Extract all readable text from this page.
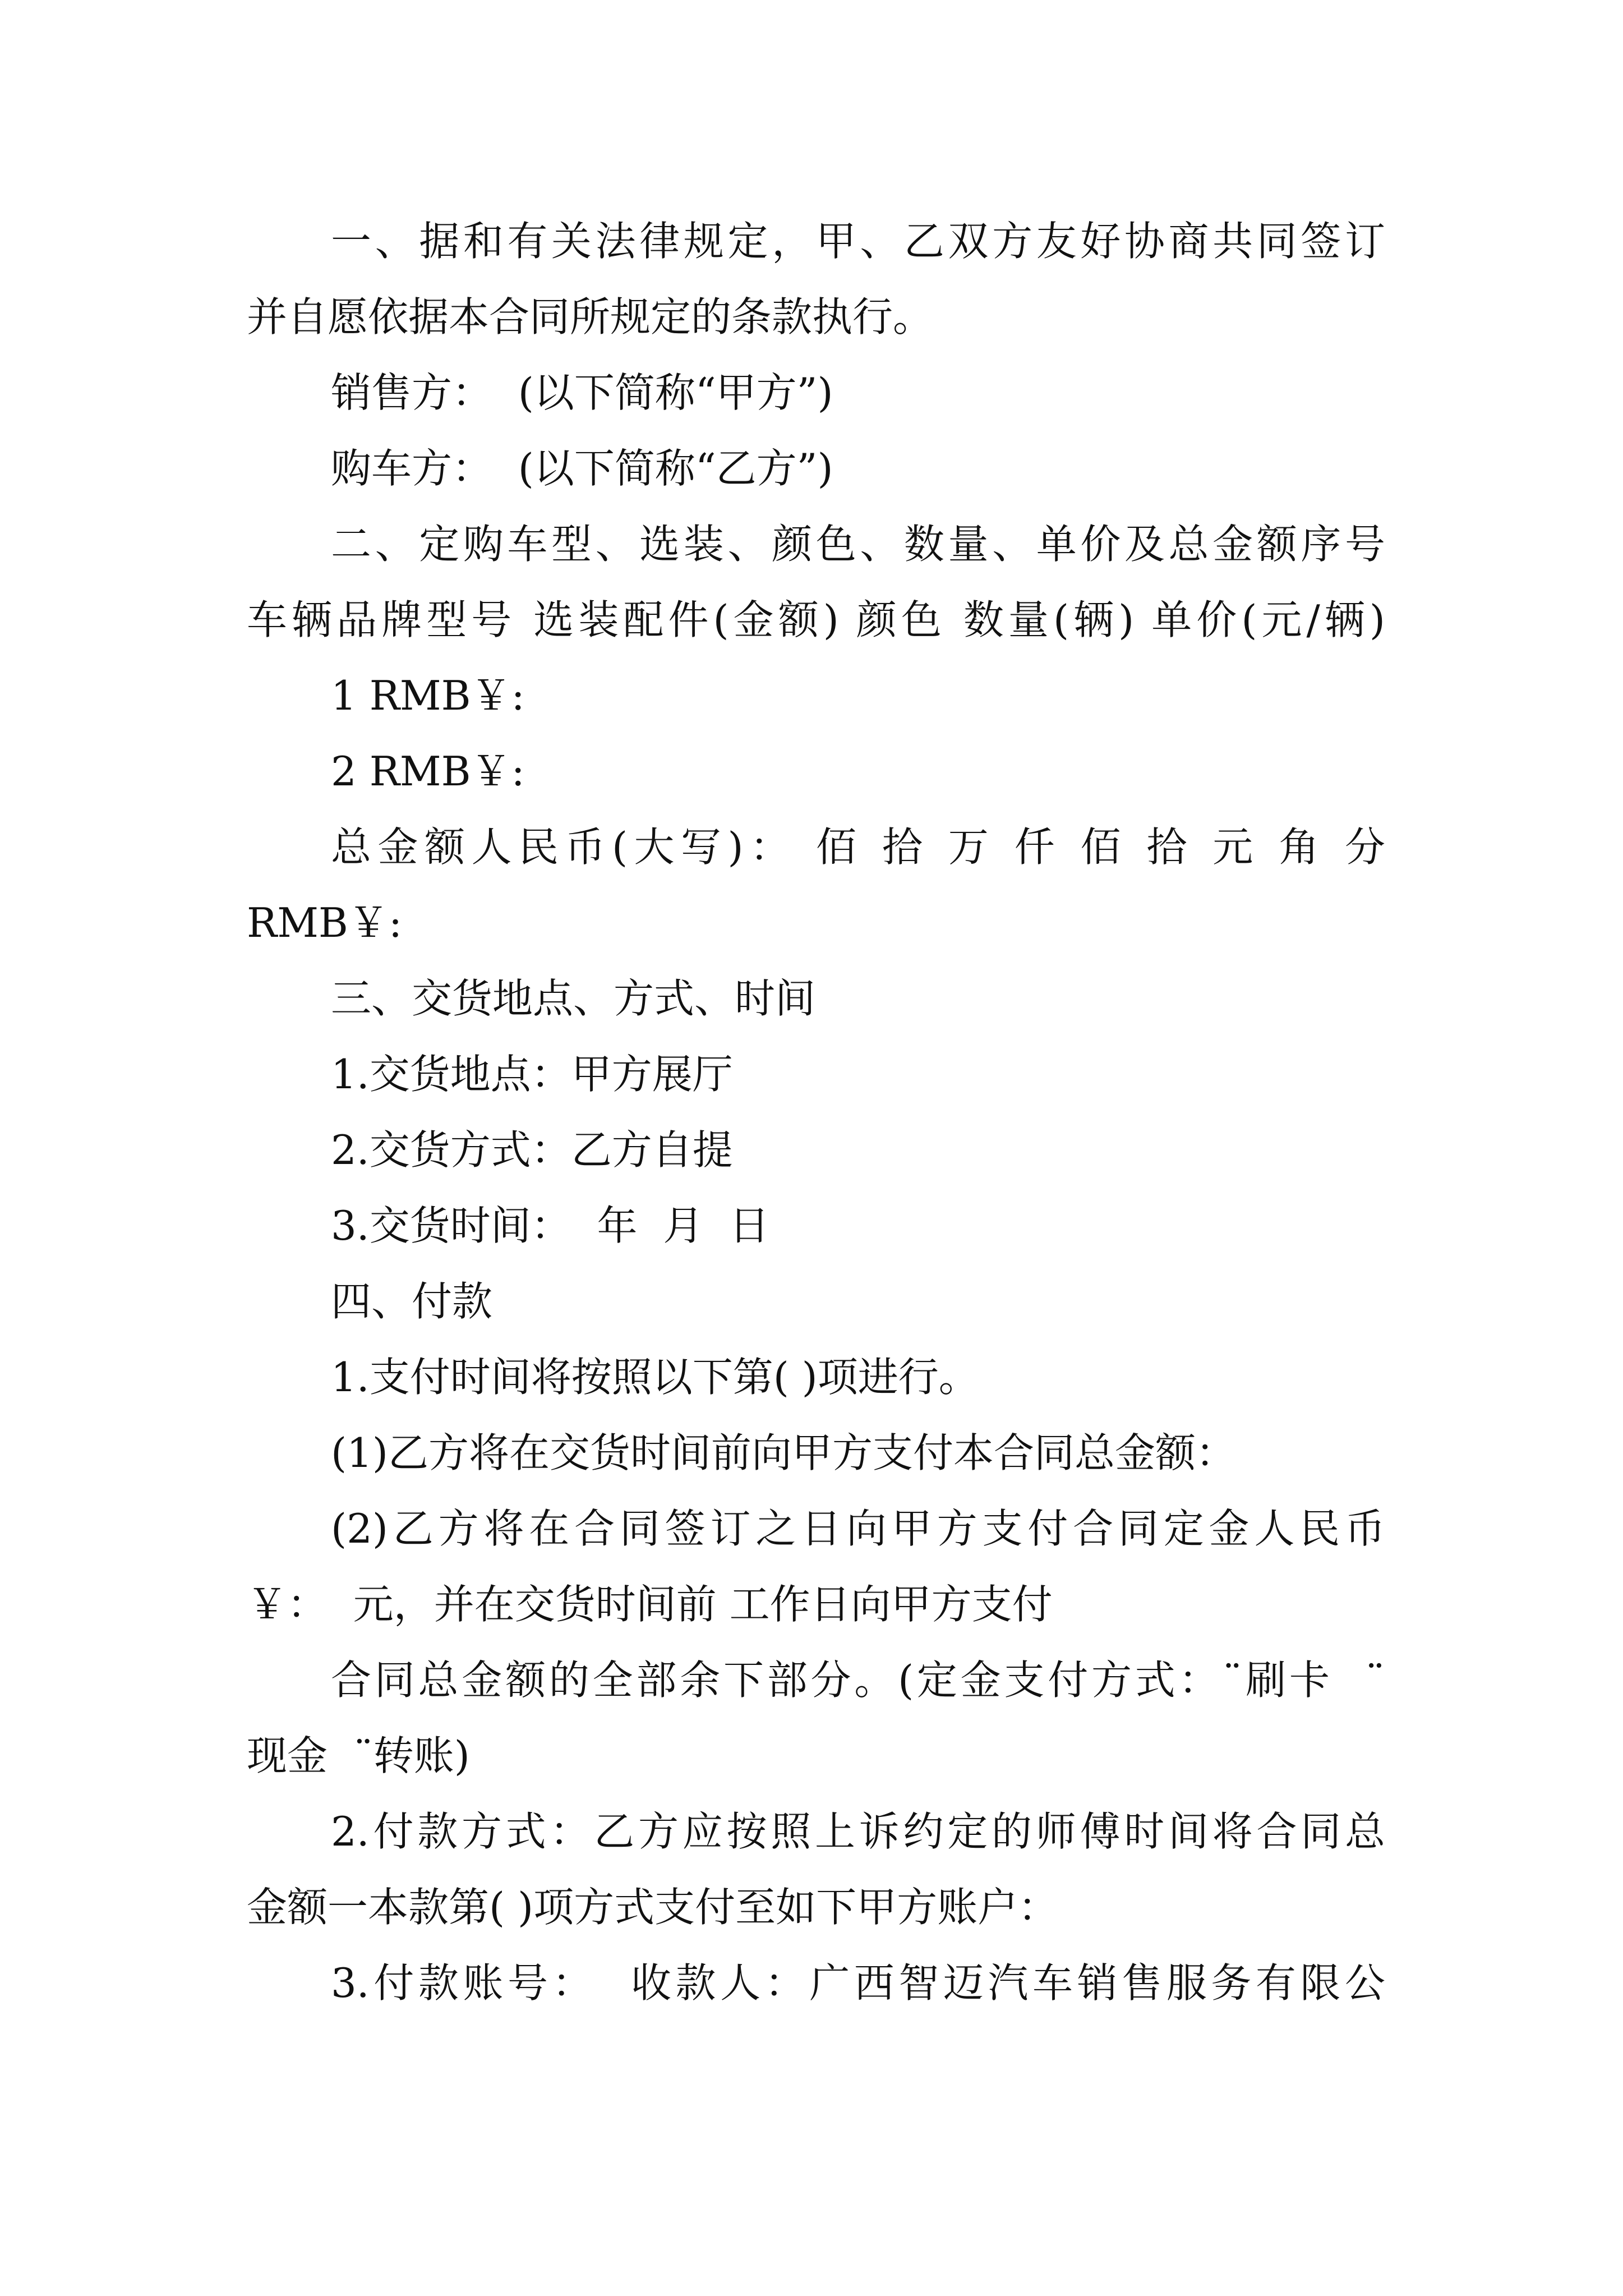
一、据和有关法律规定，甲、乙双方友好协商共同签订
并自愿依据本合同所规定的条款执行。
销售方：  (以下简称“甲方”)
购车方：  (以下简称“乙方”)
二、定购车型、选装、颜色、数量、单价及总金额序号
车辆品牌型号 选装配件(金额) 颜色 数量(辆) 单价(元/辆)
1 RMB￥:
2 RMB￥:
总金额人民币(大写)： 佰 拾 万 仟 佰 拾 元 角 分
RMB￥:
三、交货地点、方式、时间
1.交货地点：甲方展厅
2.交货方式：乙方自提
3.交货时间：  年  月  日
四、付款
1.支付时间将按照以下第( )项进行。
(1)乙方将在交货时间前向甲方支付本合同总金额：
(2)乙方将在合同签订之日向甲方支付合同定金人民币
￥：  元，并在交货时间前 工作日向甲方支付
合同总金额的全部余下部分。(定金支付方式：¨刷卡  ¨
现金  ¨转账)
2.付款方式：乙方应按照上诉约定的师傅时间将合同总
金额一本款第( )项方式支付至如下甲方账户：
3.付款账号：  收款人：广西智迈汽车销售服务有限公
